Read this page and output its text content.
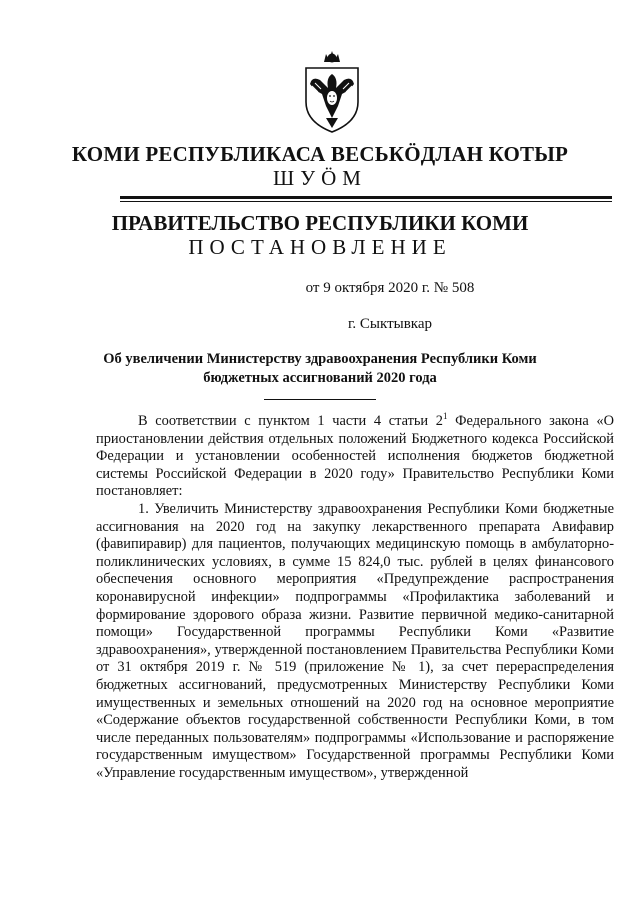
КОМИ РЕСПУБЛИКАСА ВЕСЬКӦДЛАН КОТЫР
ШУӦМ
ПРАВИТЕЛЬСТВО РЕСПУБЛИКИ КОМИ
ПОСТАНОВЛЕНИЕ
от 9 октября 2020 г. № 508
г. Сыктывкар
Об увеличении Министерству здравоохранения Республики Коми
бюджетных ассигнований 2020 года

В соответствии с пунктом 1 части 4 статьи $2^1$ Федерального закона «О приостановлении действия отдельных положений Бюджетного кодекса Российской Федерации и установлении особенностей исполнения бюджетов бюджетной системы Российской Федерации в 2020 году» Правительство Республики Коми постановляет:

1. Увеличить Министерству здравоохранения Республики Коми бюджетные ассигнования на 2020 год на закупку лекарственного препарата Авифавир (фавипиравир) для пациентов, получающих медицинскую помощь в амбулаторно-поликлинических условиях, в сумме 15 824,0 тыс. рублей в целях финансового обеспечения основного мероприятия «Предупреждение распространения коронавирусной инфекции» подпрограммы «Профилактика заболеваний и формирование здорового образа жизни. Развитие первичной медико-санитарной помощи» Государственной программы Республики Коми «Развитие здравоохранения», утвержденной постановлением Правительства Республики Коми от 31 октября 2019 г. № 519 (приложение № 1), за счет перераспределения бюджетных ассигнований, предусмотренных Министерству Республики Коми имущественных и земельных отношений на 2020 год на основное мероприятие «Содержание объектов государственной собственности Республики Коми, в том числе переданных пользователям» подпрограммы «Использование и распоряжение государственным имуществом» Государственной программы Республики Коми «Управление государственным имуществом», утвержденной
